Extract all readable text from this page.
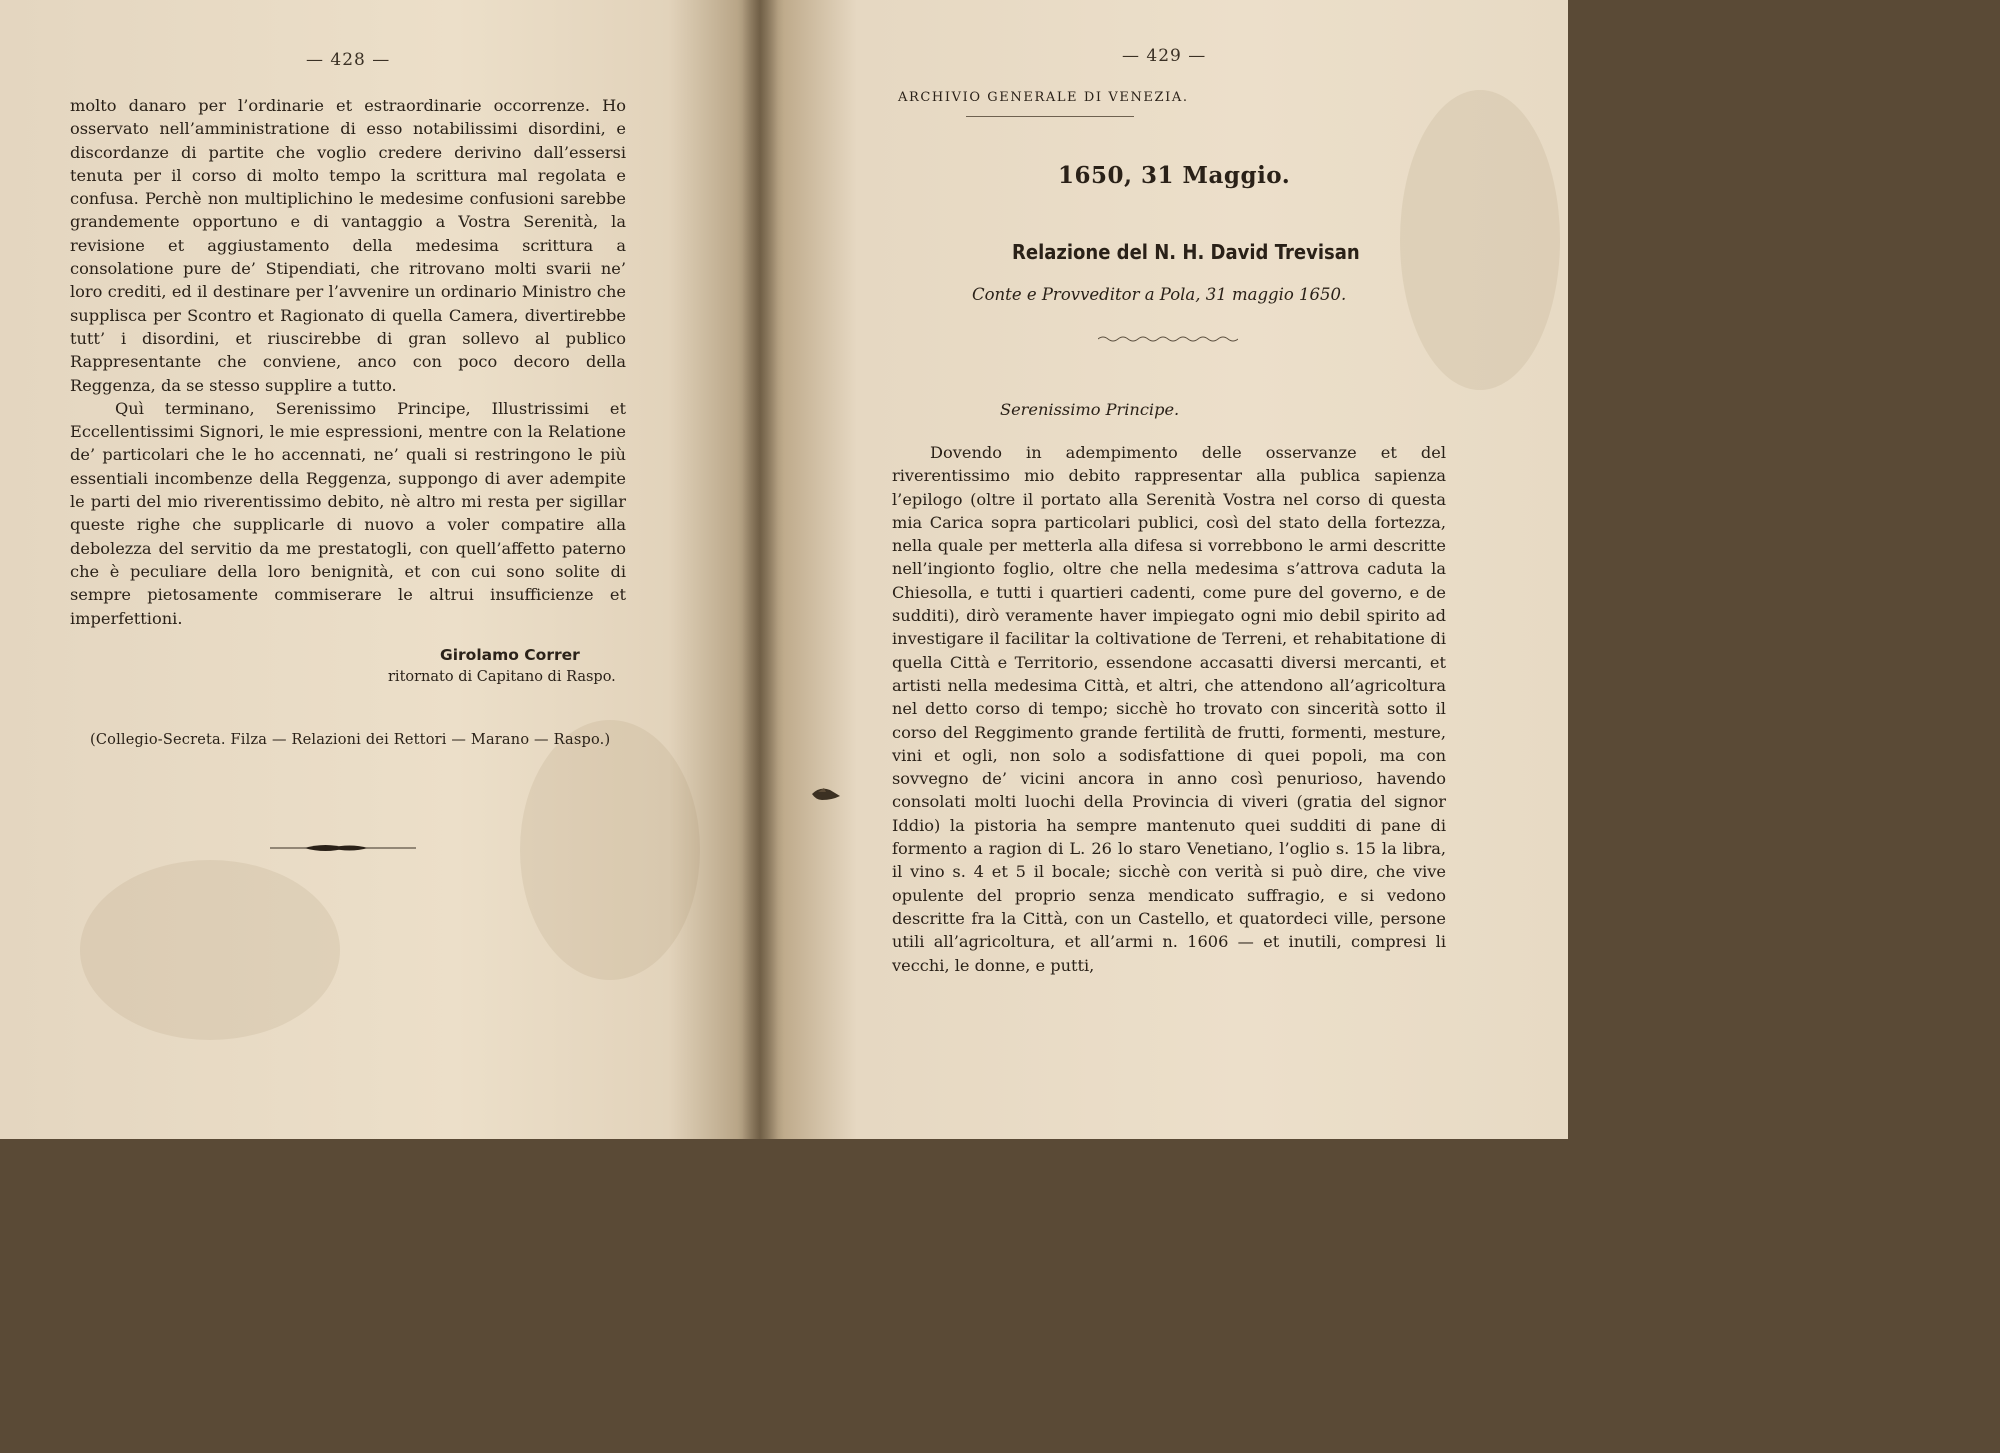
— 428 —

molto danaro per l’ordinarie et estraordinarie occorrenze. Ho osservato nell’amministratione di esso notabilissimi disordini, e discordanze di partite che voglio credere derivino dall’essersi tenuta per il corso di molto tempo la scrittura mal regolata e confusa. Perchè non multiplichino le medesime confusioni sarebbe grandemente opportuno e di vantaggio a Vostra Serenità, la revisione et aggiustamento della medesima scrittura a consolatione pure de’ Stipendiati, che ritrovano molti svarii ne’ loro crediti, ed il destinare per l’avvenire un ordinario Ministro che supplisca per Scontro et Ragionato di quella Camera, divertirebbe tutt’ i disordini, et riuscirebbe di gran sollevo al publico Rappresentante che conviene, anco con poco decoro della Reggenza, da se stesso supplire a tutto.

Quì terminano, Serenissimo Principe, Illustrissimi et Eccellentissimi Signori, le mie espressioni, mentre con la Relatione de’ particolari che le ho accennati, ne’ quali si restringono le più essentiali incombenze della Reggenza, suppongo di aver adempite le parti del mio riverentissimo debito, nè altro mi resta per sigillar queste righe che supplicarle di nuovo a voler compatire alla debolezza del servitio da me prestatogli, con quell’affetto paterno che è peculiare della loro benignità, et con cui sono solite di sempre pietosamente commiserare le altrui insufficienze et imperfettioni.

Girolamo Correr
ritornato di Capitano di Raspo.
(Collegio-Secreta. Filza — Relazioni dei Rettori — Marano — Raspo.)
— 429 —
ARCHIVIO GENERALE DI VENEZIA.
1650, 31 Maggio.
Relazione del N. H. David Trevisan
Conte e Provveditor a Pola, 31 maggio 1650.
Serenissimo Principe.

Dovendo in adempimento delle osservanze et del riverentissimo mio debito rappresentar alla publica sapienza l’epilogo (oltre il portato alla Serenità Vostra nel corso di questa mia Carica sopra particolari publici, così del stato della fortezza, nella quale per metterla alla difesa si vorrebbono le armi descritte nell’ingionto foglio, oltre che nella medesima s’attrova caduta la Chiesolla, e tutti i quartieri cadenti, come pure del governo, e de sudditi), dirò veramente haver impiegato ogni mio debil spirito ad investigare il facilitar la coltivatione de Terreni, et rehabitatione di quella Città e Territorio, essendone accasatti diversi mercanti, et artisti nella medesima Città, et altri, che attendono all’agricoltura nel detto corso di tempo; sicchè ho trovato con sincerità sotto il corso del Reggimento grande fertilità de frutti, formenti, mesture, vini et ogli, non solo a sodisfattione di quei popoli, ma con sovvegno de’ vicini ancora in anno così penurioso, havendo consolati molti luochi della Provincia di viveri (gratia del signor Iddio) la pistoria ha sempre mantenuto quei sudditi di pane di formento a ragion di L. 26 lo staro Venetiano, l’oglio s. 15 la libra, il vino s. 4 et 5 il bocale; sicchè con verità si può dire, che vive opulente del proprio senza mendicato suffragio, e si vedono descritte fra la Città, con un Castello, et quatordeci ville, persone utili all’agricoltura, et all’armi n. 1606 — et inutili, compresi li vecchi, le donne, e putti,
